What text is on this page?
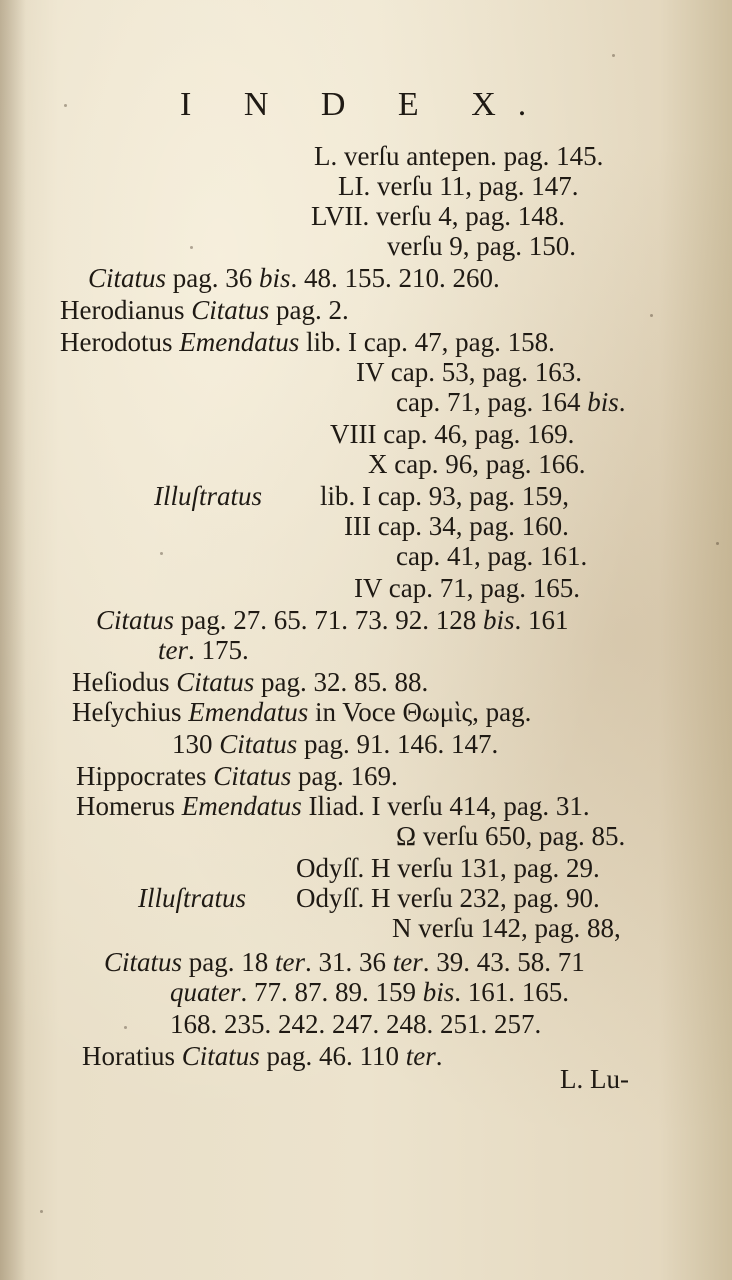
I N D E X.
L. verſu antepen. pag. 145.
LI. verſu 11, pag. 147.
LVII. verſu 4, pag. 148.
verſu 9, pag. 150.
Citatus pag. 36 bis. 48. 155. 210. 260.
Herodianus Citatus pag. 2.
Herodotus Emendatus lib. I cap. 47, pag. 158.
IV cap. 53, pag. 163.
cap. 71, pag. 164 bis.
VIII cap. 46, pag. 169.
X cap. 96, pag. 166.
Illuſtratus lib. I cap. 93, pag. 159,
III cap. 34, pag. 160.
cap. 41, pag. 161.
IV cap. 71, pag. 165.
Citatus pag. 27. 65. 71. 73. 92. 128 bis. 161
ter. 175.
Heſiodus Citatus pag. 32. 85. 88.
Heſychius Emendatus in Voce Θωμὶς, pag.
130 Citatus pag. 91. 146. 147.
Hippocrates Citatus pag. 169.
Homerus Emendatus Iliad. I verſu 414, pag. 31.
Ω verſu 650, pag. 85.
Odyſſ. H verſu 131, pag. 29.
Illuſtratus Odyſſ. H verſu 232, pag. 90.
N verſu 142, pag. 88,
Citatus pag. 18 ter. 31. 36 ter. 39. 43. 58. 71
quater. 77. 87. 89. 159 bis. 161. 165.
168. 235. 242. 247. 248. 251. 257.
Horatius Citatus pag. 46. 110 ter.
L. Lu-
